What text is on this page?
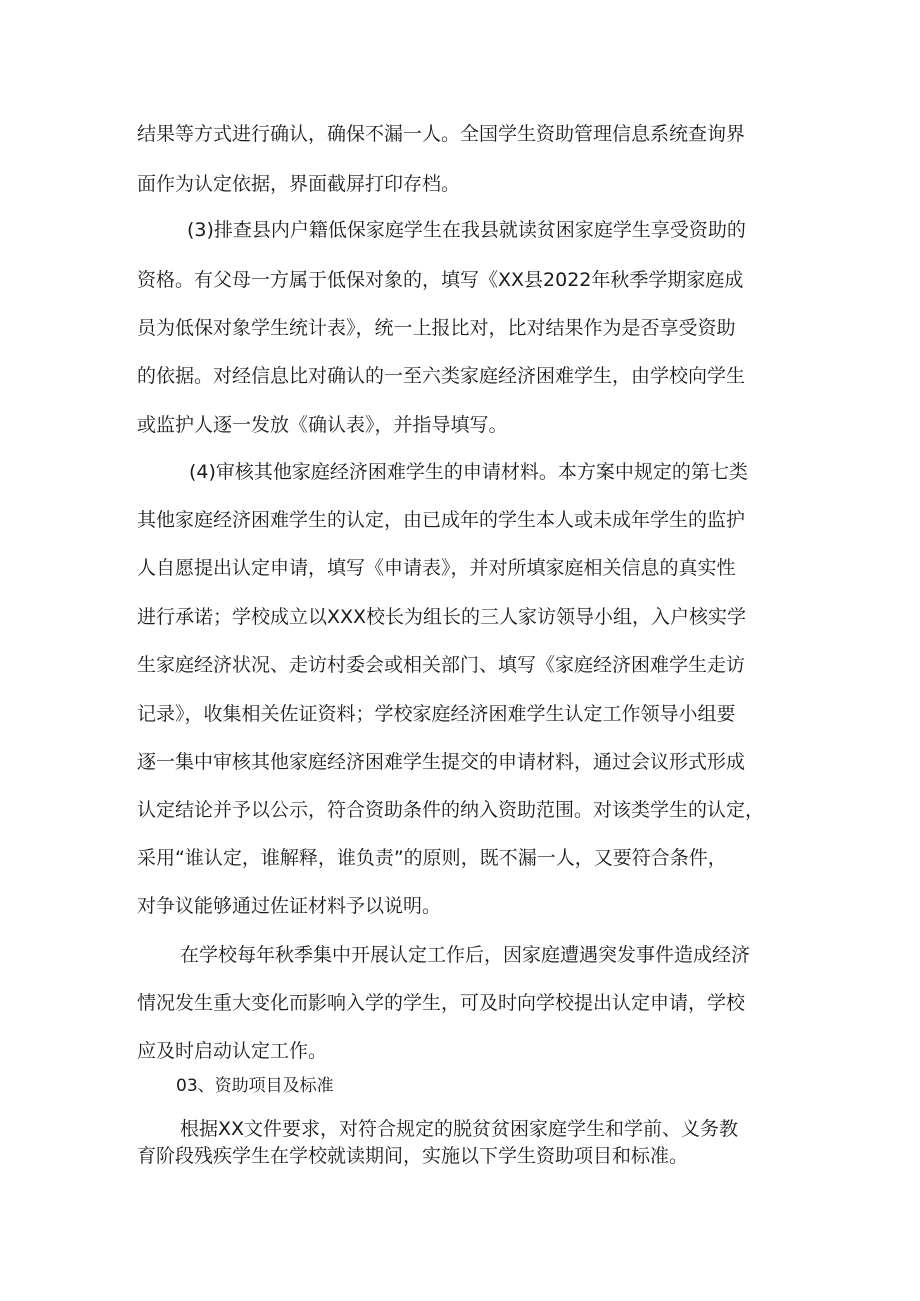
结果等方式进行确认，确保不漏一人。全国学生资助管理信息系统查询界
面作为认定依据，界面截屏打印存档。
(3)排查县内户籍低保家庭学生在我县就读贫困家庭学生享受资助的
资格。有父母一方属于低保对象的，填写《XX县2022年秋季学期家庭成
员为低保对象学生统计表》，统一上报比对，比对结果作为是否享受资助
的依据。对经信息比对确认的一至六类家庭经济困难学生，由学校向学生
或监护人逐一发放《确认表》，并指导填写。
(4)审核其他家庭经济困难学生的申请材料。本方案中规定的第七类
其他家庭经济困难学生的认定，由已成年的学生本人或未成年学生的监护
人自愿提出认定申请，填写《申请表》，并对所填家庭相关信息的真实性
进行承诺；学校成立以XXX校长为组长的三人家访领导小组，入户核实学
生家庭经济状况、走访村委会或相关部门、填写《家庭经济困难学生走访
记录》，收集相关佐证资料；学校家庭经济困难学生认定工作领导小组要
逐一集中审核其他家庭经济困难学生提交的申请材料，通过会议形式形成
认定结论并予以公示，符合资助条件的纳入资助范围。对该类学生的认定，
采用“谁认定，谁解释，谁负责”的原则，既不漏一人，又要符合条件，
对争议能够通过佐证材料予以说明。
在学校每年秋季集中开展认定工作后，因家庭遭遇突发事件造成经济
情况发生重大变化而影响入学的学生，可及时向学校提出认定申请，学校
应及时启动认定工作。
03、资助项目及标准
根据XX文件要求，对符合规定的脱贫贫困家庭学生和学前、义务教
育阶段残疾学生在学校就读期间，实施以下学生资助项目和标准。
